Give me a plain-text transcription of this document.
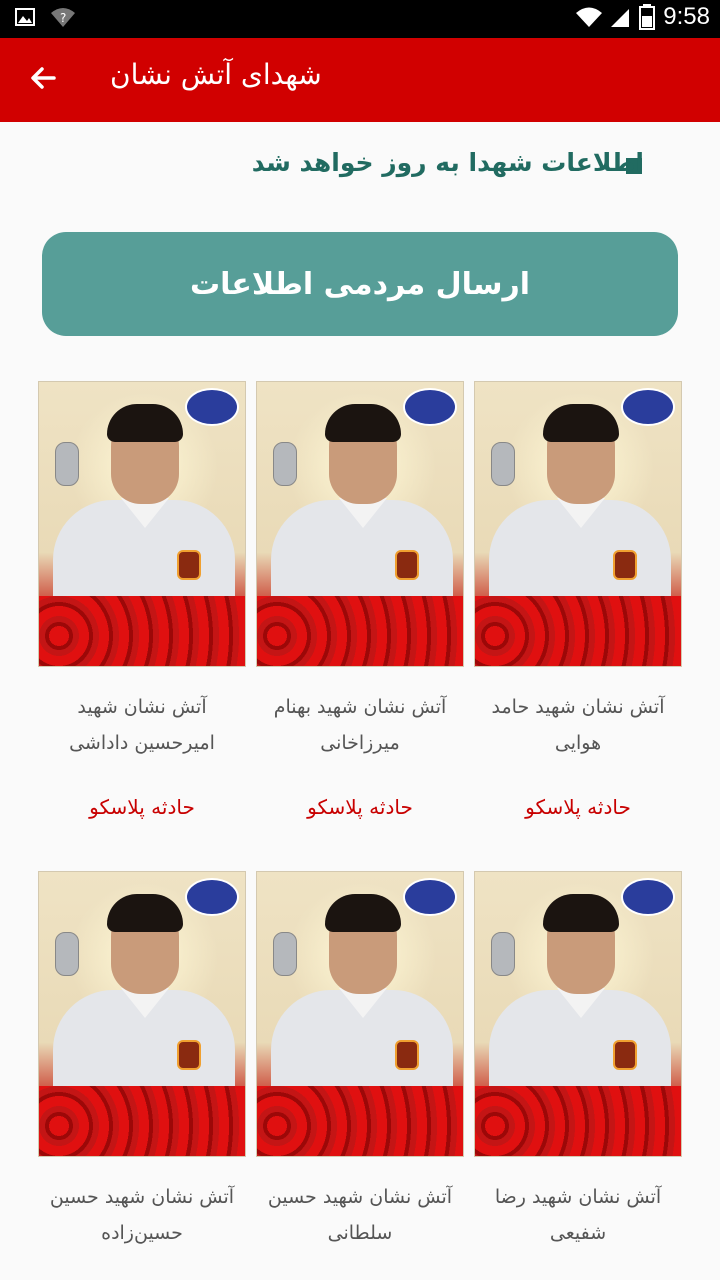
?	9:58
شهدای آتش نشان
اطلاعات شهدا به روز خواهد شد
ارسال مردمی اطلاعات
آتش نشان شهید حامد هوایی
حادثه پلاسکو
آتش نشان شهید بهنام میرزاخانی
حادثه پلاسکو
آتش نشان شهید امیرحسین داداشی
حادثه پلاسکو
آتش نشان شهید رضا شفیعی
آتش نشان شهید حسین سلطانی
آتش نشان شهید حسین حسین‌زاده
